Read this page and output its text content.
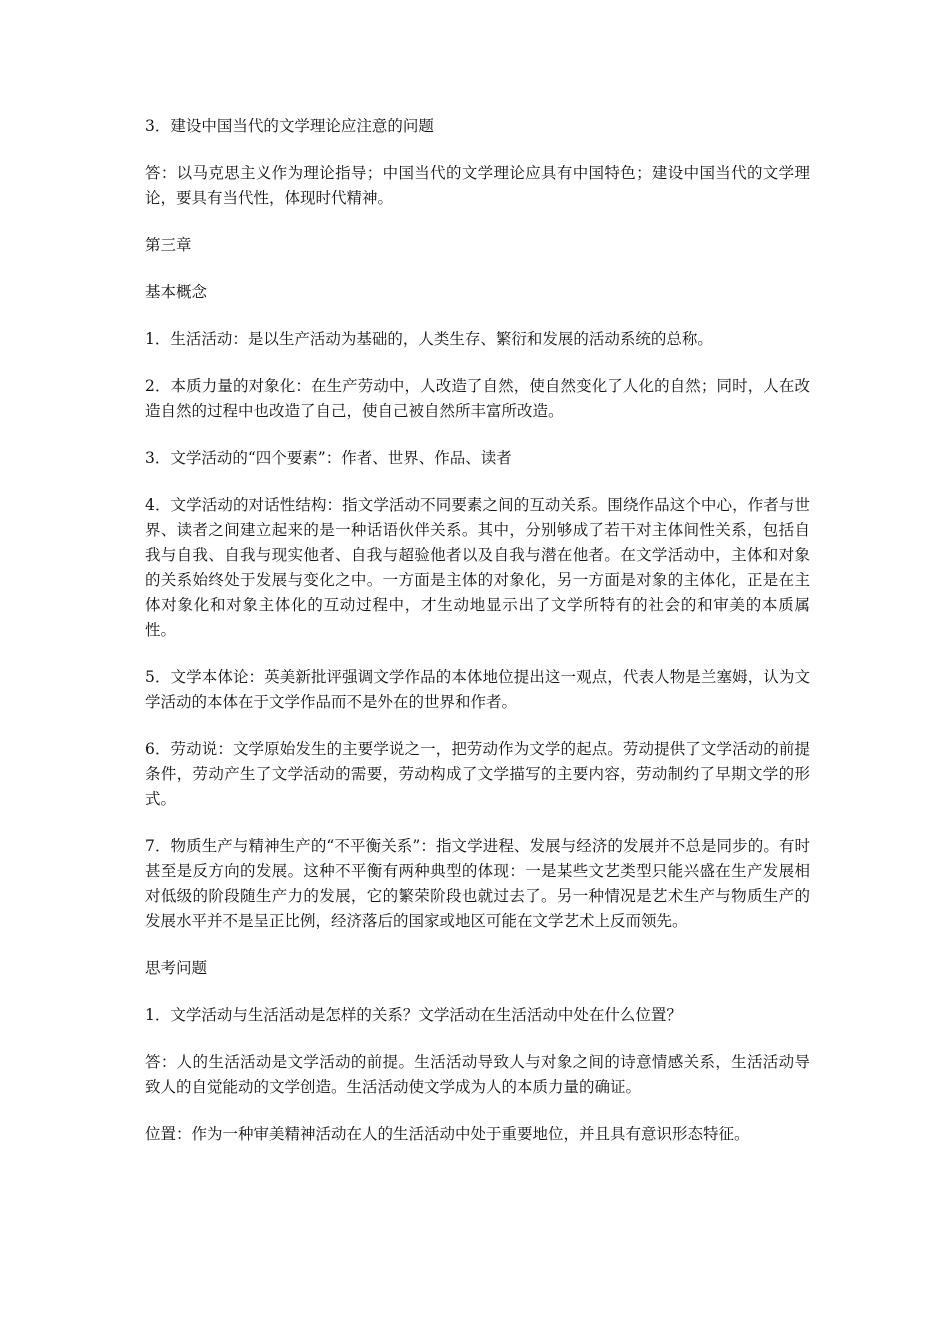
3．建设中国当代的文学理论应注意的问题

答：以马克思主义作为理论指导；中国当代的文学理论应具有中国特色；建设中国当代的文学理论，要具有当代性，体现时代精神。

第三章

基本概念

1．生活活动：是以生产活动为基础的，人类生存、繁衍和发展的活动系统的总称。

2．本质力量的对象化：在生产劳动中，人改造了自然，使自然变化了人化的自然；同时，人在改造自然的过程中也改造了自己，使自己被自然所丰富所改造。

3．文学活动的“四个要素”：作者、世界、作品、读者

4．文学活动的对话性结构：指文学活动不同要素之间的互动关系。围绕作品这个中心，作者与世界、读者之间建立起来的是一种话语伙伴关系。其中，分别够成了若干对主体间性关系，包括自我与自我、自我与现实他者、自我与超验他者以及自我与潜在他者。在文学活动中，主体和对象的关系始终处于发展与变化之中。一方面是主体的对象化，另一方面是对象的主体化，正是在主体对象化和对象主体化的互动过程中，才生动地显示出了文学所特有的社会的和审美的本质属性。

5．文学本体论：英美新批评强调文学作品的本体地位提出这一观点，代表人物是兰塞姆，认为文学活动的本体在于文学作品而不是外在的世界和作者。

6．劳动说：文学原始发生的主要学说之一，把劳动作为文学的起点。劳动提供了文学活动的前提条件，劳动产生了文学活动的需要，劳动构成了文学描写的主要内容，劳动制约了早期文学的形式。

7．物质生产与精神生产的“不平衡关系”：指文学进程、发展与经济的发展并不总是同步的。有时甚至是反方向的发展。这种不平衡有两种典型的体现：一是某些文艺类型只能兴盛在生产发展相对低级的阶段随生产力的发展，它的繁荣阶段也就过去了。另一种情况是艺术生产与物质生产的发展水平并不是呈正比例，经济落后的国家或地区可能在文学艺术上反而领先。

思考问题

1．文学活动与生活活动是怎样的关系？文学活动在生活活动中处在什么位置？

答：人的生活活动是文学活动的前提。生活活动导致人与对象之间的诗意情感关系，生活活动导致人的自觉能动的文学创造。生活活动使文学成为人的本质力量的确证。

位置：作为一种审美精神活动在人的生活活动中处于重要地位，并且具有意识形态特征。
